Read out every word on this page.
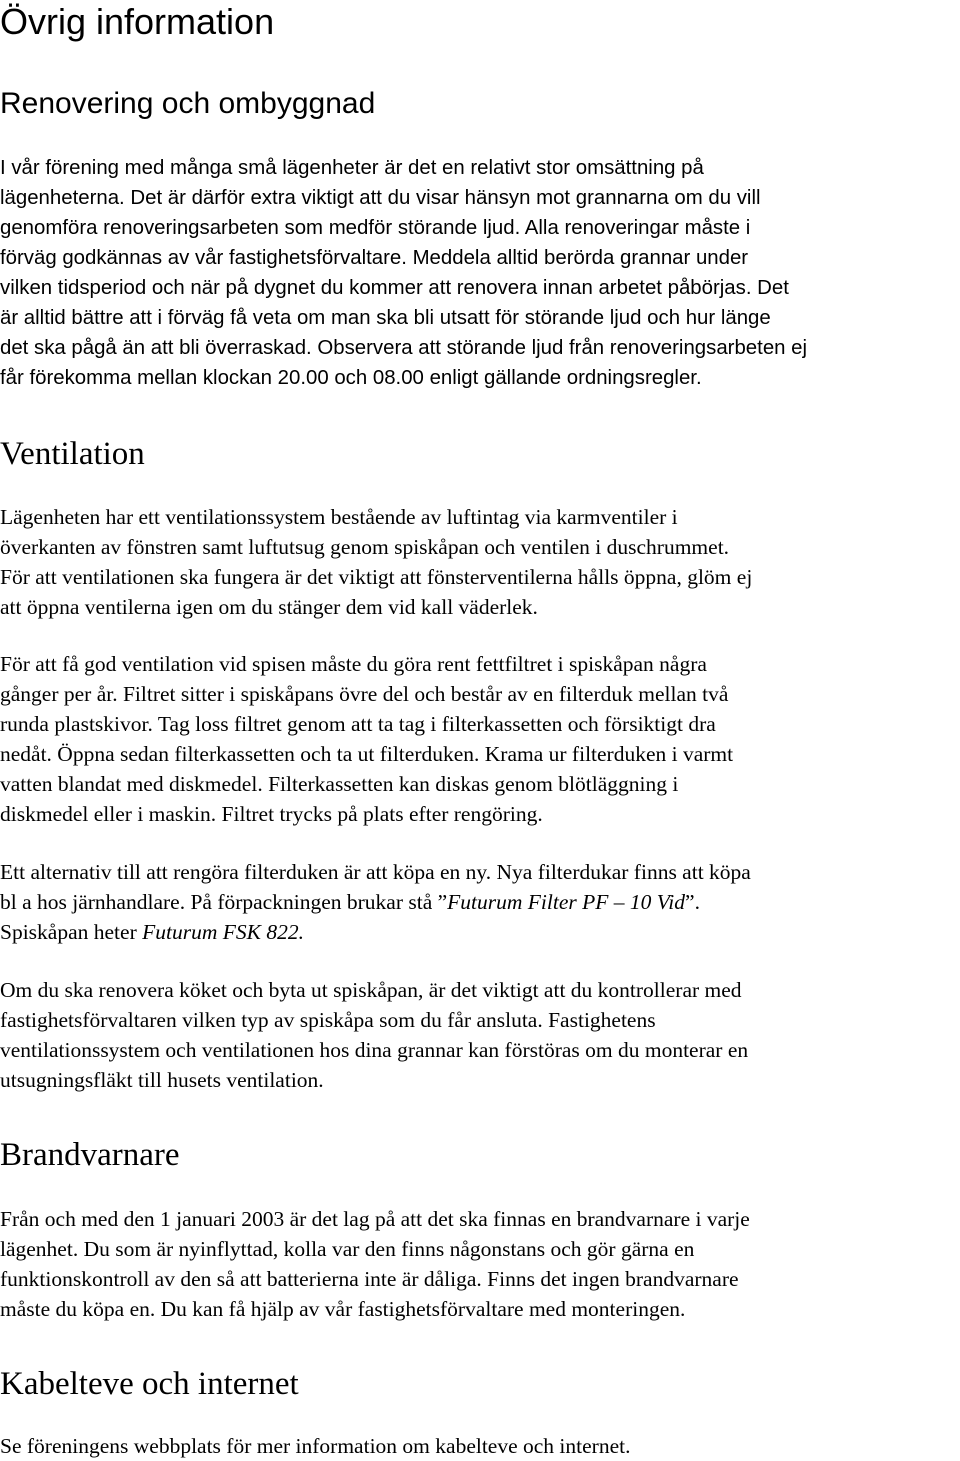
Övrig information
Renovering och ombyggnad
I vår förening med många små lägenheter är det en relativt stor omsättning på
lägenheterna. Det är därför extra viktigt att du visar hänsyn mot grannarna om du vill
genomföra renoveringsarbeten som medför störande ljud. Alla renoveringar måste i
förväg godkännas av vår fastighetsförvaltare. Meddela alltid berörda grannar under
vilken tidsperiod och när på dygnet du kommer att renovera innan arbetet påbörjas. Det
är alltid bättre att i förväg få veta om man ska bli utsatt för störande ljud och hur länge
det ska pågå än att bli överraskad. Observera att störande ljud från renoveringsarbeten ej
får förekomma mellan klockan 20.00 och 08.00 enligt gällande ordningsregler.
Ventilation
Lägenheten har ett ventilationssystem bestående av luftintag via karmventiler i
överkanten av fönstren samt luftutsug genom spiskåpan och ventilen i duschrummet.
För att ventilationen ska fungera är det viktigt att fönsterventilerna hålls öppna, glöm ej
att öppna ventilerna igen om du stänger dem vid kall väderlek.
För att få god ventilation vid spisen måste du göra rent fettfiltret i spiskåpan några
gånger per år. Filtret sitter i spiskåpans övre del och består av en filterduk mellan två
runda plastskivor. Tag loss filtret genom att ta tag i filterkassetten och försiktigt dra
nedåt. Öppna sedan filterkassetten och ta ut filterduken. Krama ur filterduken i varmt
vatten blandat med diskmedel. Filterkassetten kan diskas genom blötläggning i
diskmedel eller i maskin. Filtret trycks på plats efter rengöring.
Ett alternativ till att rengöra filterduken är att köpa en ny. Nya filterdukar finns att köpa
bl a hos järnhandlare. På förpackningen brukar stå ”Futurum Filter PF – 10 Vid”.
Spiskåpan heter Futurum FSK 822.
Om du ska renovera köket och byta ut spiskåpan, är det viktigt att du kontrollerar med
fastighetsförvaltaren vilken typ av spiskåpa som du får ansluta. Fastighetens
ventilationssystem och ventilationen hos dina grannar kan förstöras om du monterar en
utsugningsfläkt till husets ventilation.
Brandvarnare
Från och med den 1 januari 2003 är det lag på att det ska finnas en brandvarnare i varje
lägenhet. Du som är nyinflyttad, kolla var den finns någonstans och gör gärna en
funktionskontroll av den så att batterierna inte är dåliga. Finns det ingen brandvarnare
måste du köpa en. Du kan få hjälp av vår fastighetsförvaltare med monteringen.
Kabelteve och internet
Se föreningens webbplats för mer information om kabelteve och internet.
